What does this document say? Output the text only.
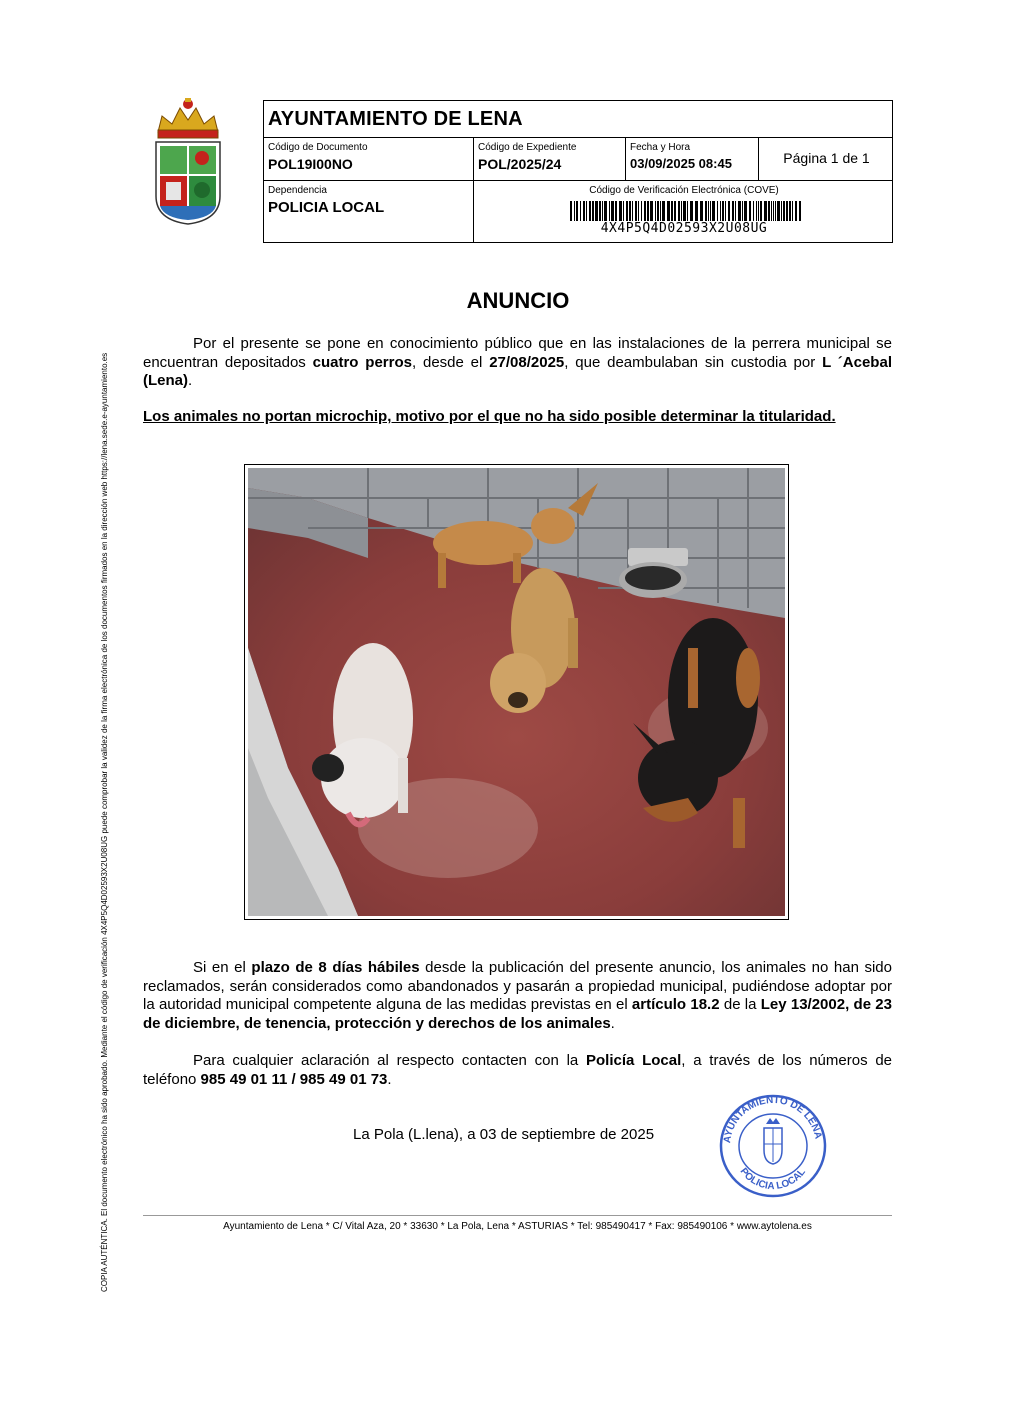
AYUNTAMIENTO DE LENA
Código de Documento
POL19I00NO
Código de Expediente
POL/2025/24
Fecha y Hora
03/09/2025 08:45	Página 1 de 1
Dependencia
POLICIA LOCAL
Código de Verificación Electrónica (COVE)
4X4P5Q4D02593X2U08UG
COPIA AUTÉNTICA. El documento electrónico ha sido aprobado. Mediante el código de verificación 4X4P5Q4D02593X2U08UG puede comprobar la validez de la firma electrónica de los documentos firmados en la dirección web https://lena.sede.e-ayuntamiento.es
ANUNCIO
Por el presente se pone en conocimiento público que en las instalaciones de la perrera municipal se encuentran depositados cuatro perros, desde el 27/08/2025, que deambulaban sin custodia por L ´Acebal (Lena).
Los animales no portan microchip, motivo por el que no ha sido posible determinar la titularidad.
Si en el plazo de 8 días hábiles desde la publicación del presente anuncio, los animales no han sido reclamados, serán considerados como abandonados y pasarán a propiedad municipal, pudiéndose adoptar por la autoridad municipal competente alguna de las medidas previstas en el artículo 18.2 de la Ley 13/2002, de 23 de diciembre, de tenencia, protección y derechos de los animales.
Para cualquier aclaración al respecto contacten con la Policía Local, a través de los números de teléfono 985 49 01 11 / 985 49 01 73.
La Pola (L.lena), a 03 de septiembre de 2025	AYUNTAMIENTO DE LENA
POLICIA LOCAL
Ayuntamiento de Lena * C/ Vital Aza, 20 * 33630 * La Pola, Lena * ASTURIAS * Tel: 985490417 * Fax: 985490106 * www.aytolena.es
